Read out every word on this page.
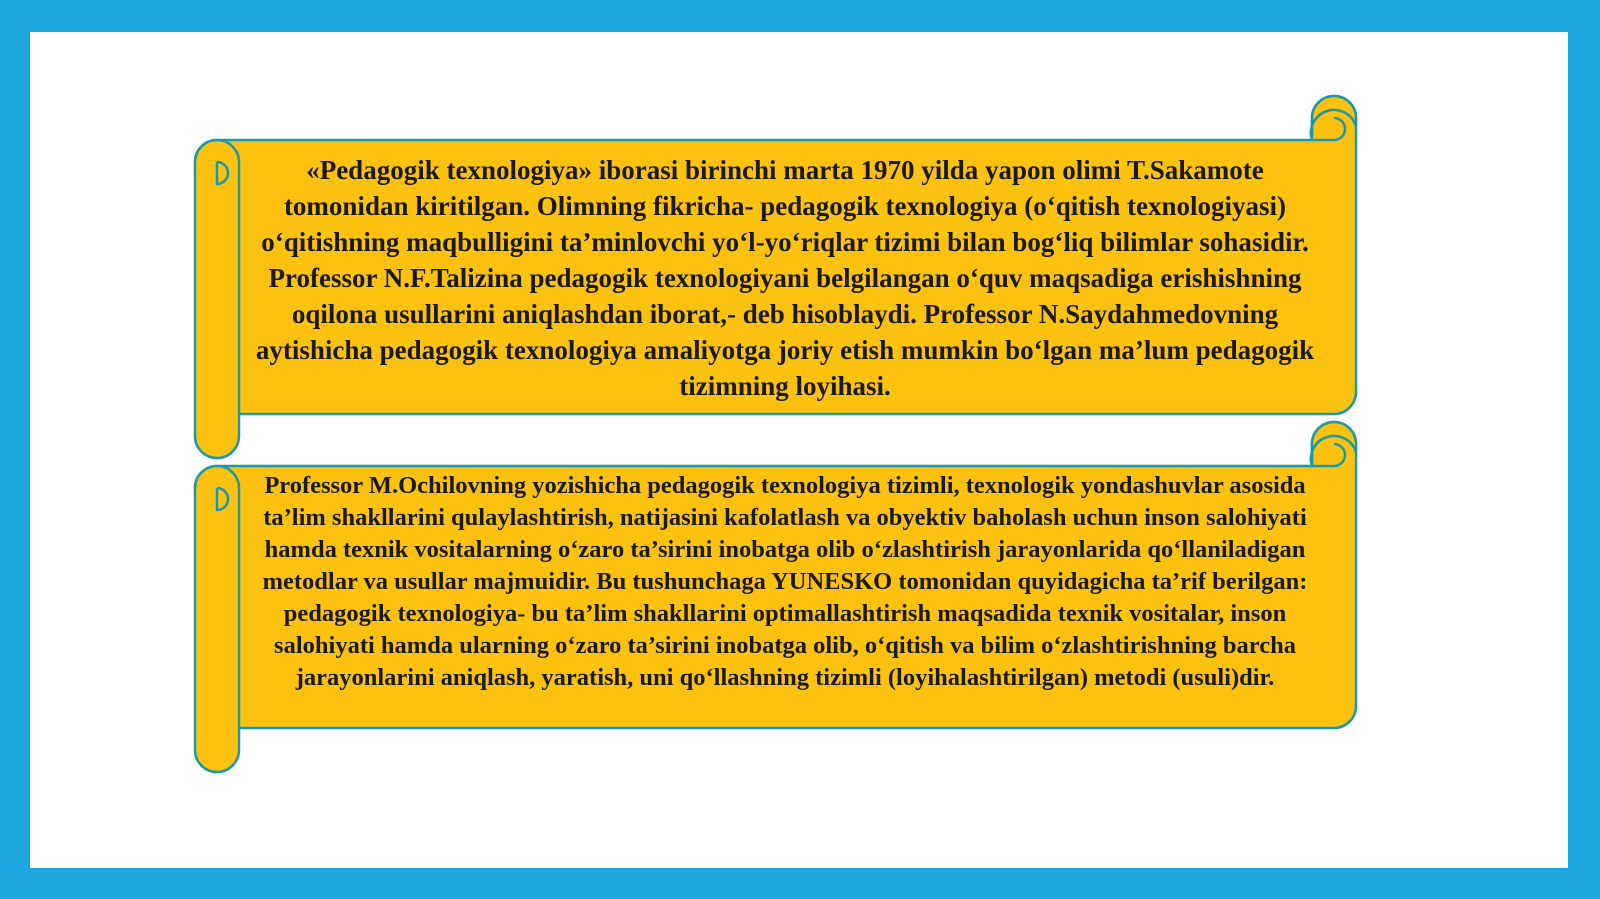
«Pedagogik texnologiya» iborasi birinchi marta 1970 yilda yapon olimi T.Sakamote tomonidan kiritilgan. Olimning fikricha- pedagogik texnologiya (o‘qitish texnologiyasi) o‘qitishning maqbulligini ta’minlovchi yo‘l-yo‘riqlar tizimi bilan bog‘liq bilimlar sohasidir. Professor N.F.Talizina pedagogik texnologiyani belgilangan o‘quv maqsadiga erishishning oqilona usullarini aniqlashdan iborat,- deb hisoblaydi. Professor N.Saydahmedovning aytishicha pedagogik texnologiya amaliyotga joriy etish mumkin bo‘lgan ma’lum pedagogik tizimning loyihasi.

Professor M.Ochilovning yozishicha pedagogik texnologiya tizimli, texnologik yondashuvlar asosida ta’lim shakllarini qulaylashtirish, natijasini kafolatlash va obyektiv baholash uchun inson salohiyati hamda texnik vositalarning o‘zaro ta’sirini inobatga olib o‘zlashtirish jarayonlarida qo‘llaniladigan metodlar va usullar majmuidir. Bu tushunchaga YUNESKO tomonidan quyidagicha ta’rif berilgan: pedagogik texnologiya- bu ta’lim shakllarini optimallashtirish maqsadida texnik vositalar, inson salohiyati hamda ularning o‘zaro ta’sirini inobatga olib, o‘qitish va bilim o‘zlashtirishning barcha jarayonlarini aniqlash, yaratish, uni qo‘llashning tizimli (loyihalashtirilgan) metodi (usuli)dir.
